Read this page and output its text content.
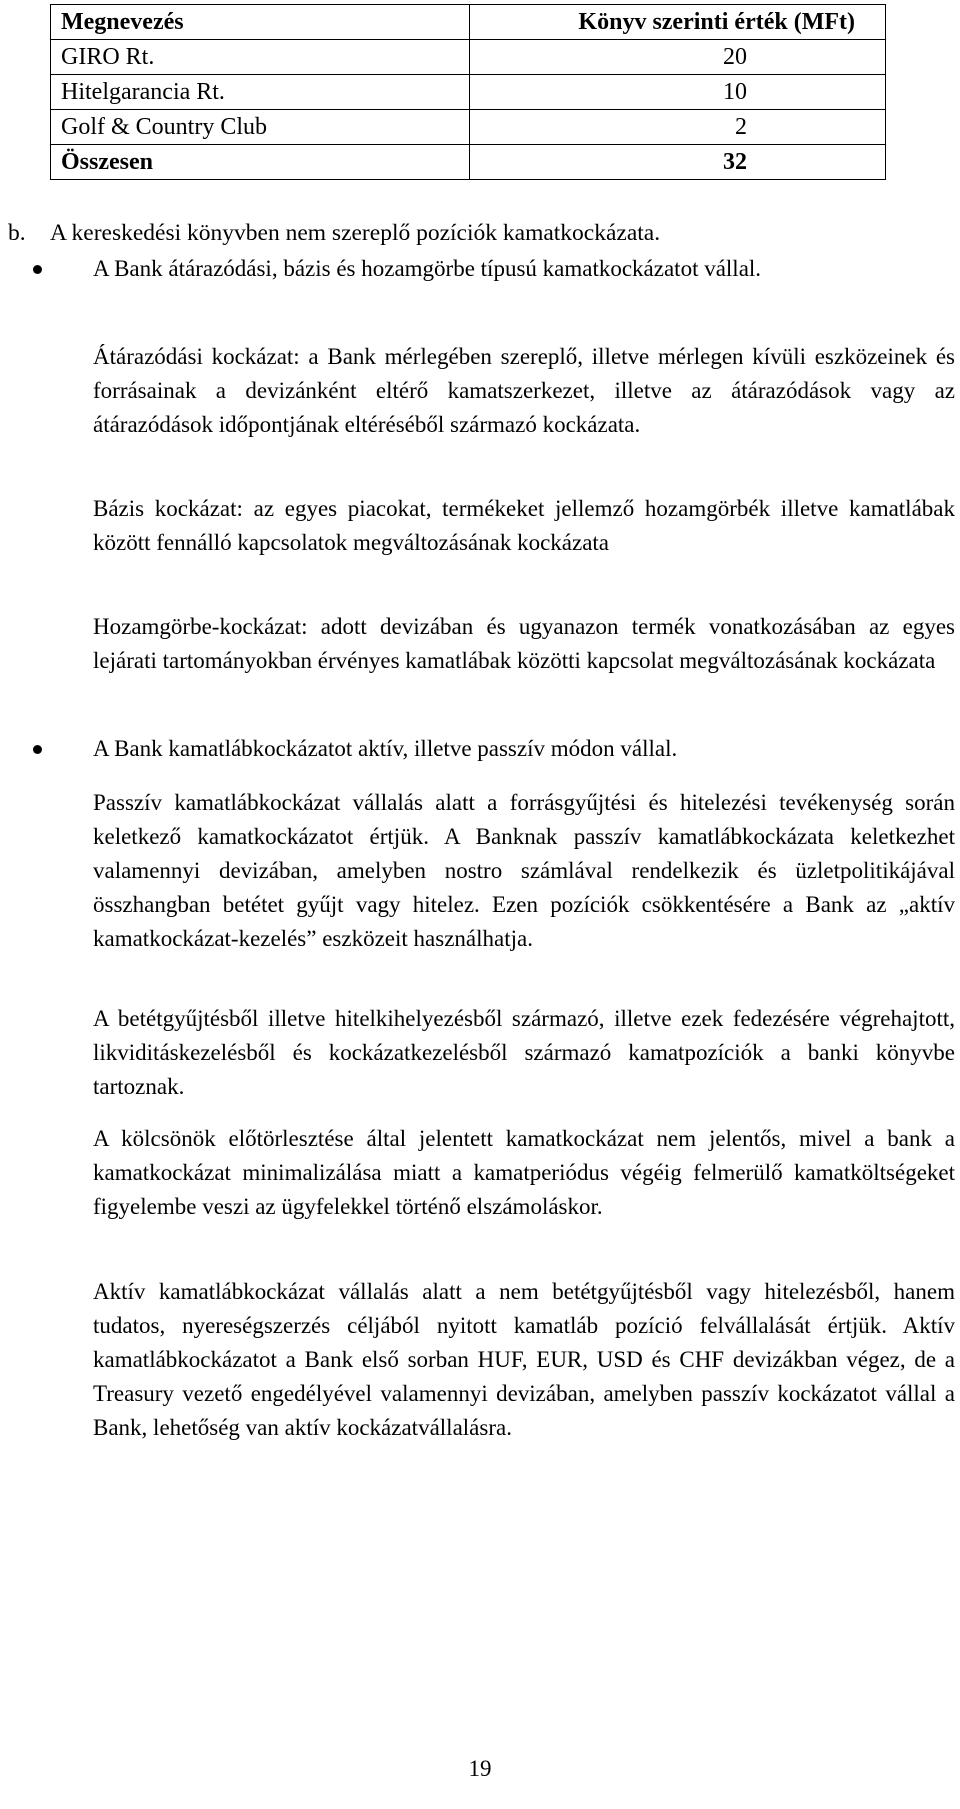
Megnevezés	Könyv szerinti érték (MFt)
GIRO Rt.	20
Hitelgarancia Rt.	10
Golf & Country Club	2
Összesen	32
b. A kereskedési könyvben nem szereplő pozíciók kamatkockázata.
A Bank átárazódási, bázis és hozamgörbe típusú kamatkockázatot vállal.
Átárazódási kockázat: a Bank mérlegében szereplő, illetve mérlegen kívüli eszközeinek és forrásainak a devizánként eltérő kamatszerkezet, illetve az átárazódások vagy az átárazódások időpontjának eltéréséből származó kockázata.
Bázis kockázat: az egyes piacokat, termékeket jellemző hozamgörbék illetve kamatlábak között fennálló kapcsolatok megváltozásának kockázata
Hozamgörbe-kockázat: adott devizában és ugyanazon termék vonatkozásában az egyes lejárati tartományokban érvényes kamatlábak közötti kapcsolat megváltozásának kockázata
A Bank kamatlábkockázatot aktív, illetve passzív módon vállal.
Passzív kamatlábkockázat vállalás alatt a forrásgyűjtési és hitelezési tevékenység során keletkező kamatkockázatot értjük. A Banknak passzív kamatlábkockázata keletkezhet valamennyi devizában, amelyben nostro számlával rendelkezik és üzletpolitikájával összhangban betétet gyűjt vagy hitelez. Ezen pozíciók csökkentésére a Bank az „aktív kamatkockázat-kezelés” eszközeit használhatja.
A betétgyűjtésből illetve hitelkihelyezésből származó, illetve ezek fedezésére végrehajtott, likviditáskezelésből és kockázatkezelésből származó kamatpozíciók a banki könyvbe tartoznak.
A kölcsönök előtörlesztése által jelentett kamatkockázat nem jelentős, mivel a bank a kamatkockázat minimalizálása miatt a kamatperiódus végéig felmerülő kamatköltségeket figyelembe veszi az ügyfelekkel történő elszámoláskor.
Aktív kamatlábkockázat vállalás alatt a nem betétgyűjtésből vagy hitelezésből, hanem tudatos, nyereségszerzés céljából nyitott kamatláb pozíció felvállalását értjük. Aktív kamatlábkockázatot a Bank első sorban HUF, EUR, USD és CHF devizákban végez, de a Treasury vezető engedélyével valamennyi devizában, amelyben passzív kockázatot vállal a Bank, lehetőség van aktív kockázatvállalásra.
19
